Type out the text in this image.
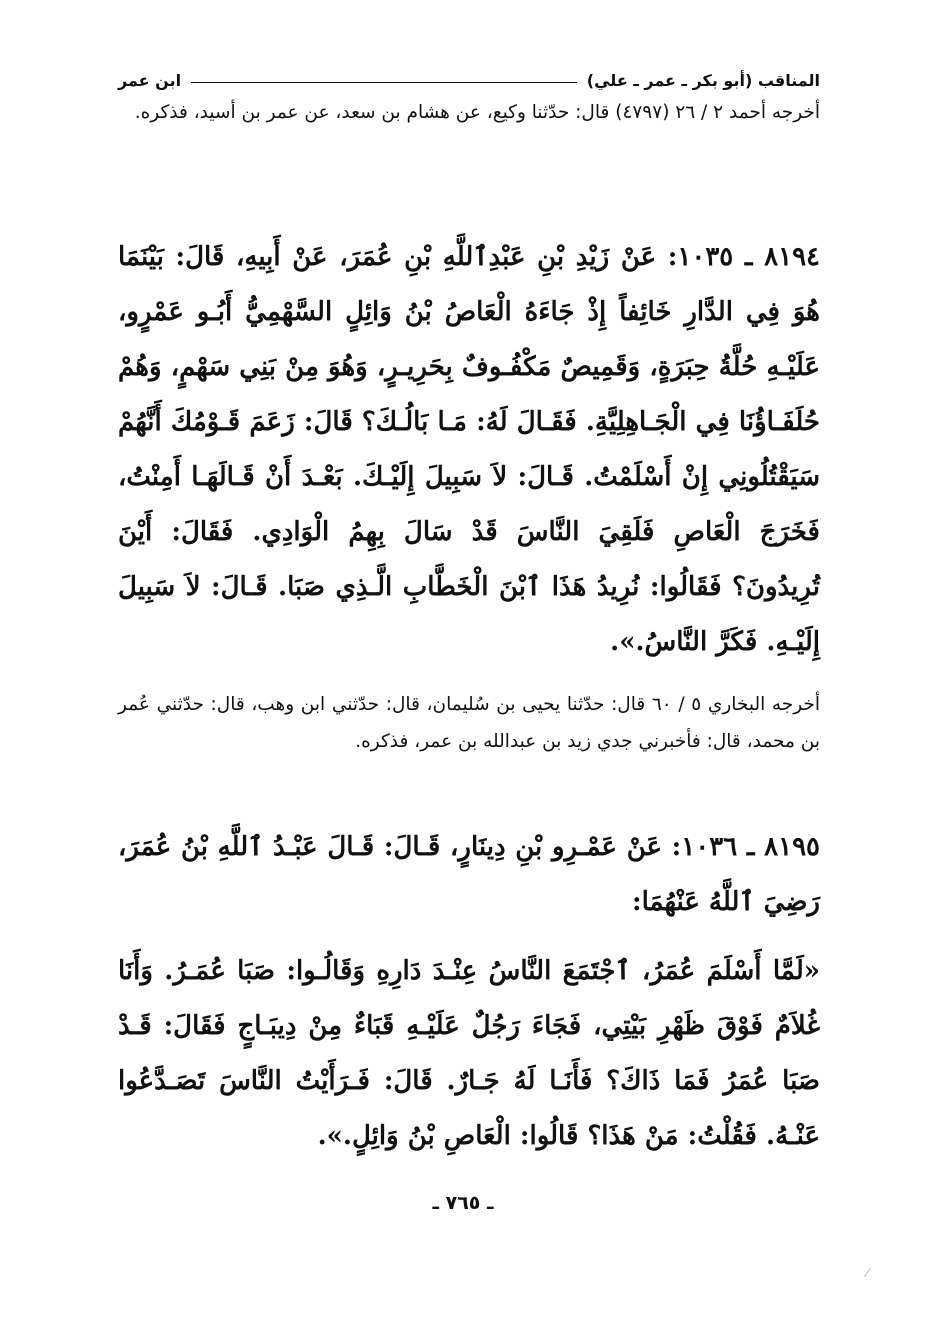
المناقب (أبو بكر ـ عمر ـ علي)
ابن عمر
أخرجه أحمد ٢ / ٢٦ (٤٧٩٧) قال: حدّثنا وكيع، عن هشام بن سعد، عن عمر بن أسيد، فذكره.
٨١٩٤ ـ ١٠٣٥: عَنْ زَيْدِ بْنِ عَبْدِٱللَّهِ بْنِ عُمَرَ، عَنْ أَبِيهِ، قَالَ: بَيْنَمَا هُوَ فِي الدَّارِ خَائِفاً إِذْ جَاءَهُ الْعَاصُ بْنُ وَائِلٍ السَّهْمِيُّ أَبُـو عَمْرٍو، عَلَيْـهِ حُلَّةُ حِبَرَةٍ، وَقَمِيصٌ مَكْفُـوفٌ بِحَرِيـرٍ، وَهُوَ مِنْ بَنِي سَهْمٍ، وَهُمْ حُلَفَـاؤُنَا فِي الْجَـاهِلِيَّةِ. فَقَـالَ لَهُ: مَـا بَالُـكَ؟ قَالَ: زَعَمَ قَـوْمُكَ أَنَّهُمْ سَيَقْتُلُونِي إِنْ أَسْلَمْتُ. قَـالَ: لاَ سَبِيلَ إِلَيْـكَ. بَعْـدَ أَنْ قَـالَهَـا أَمِنْتُ، فَخَرَجَ الْعَاصِ فَلَقِيَ النَّاسَ قَدْ سَالَ بِهِمُ الْوَادِي. فَقَالَ: أَيْنَ تُرِيدُونَ؟ فَقَالُوا: نُرِيدُ هَذَا ٱبْنَ الْخَطَّابِ الَّـذِي صَبَا. قَـالَ: لاَ سَبِيلَ إِلَيْـهِ. فَكَرَّ النَّاسُ.».
أخرجه البخاري ٥ / ٦٠ قال: حدّثنا يحيى بن سُليمان، قال: حدّثني ابن وهب، قال: حدّثني عُمر بن محمد، قال: فأخبرني جدي زيد بن عبدالله بن عمر، فذكره.
٨١٩٥ ـ ١٠٣٦: عَنْ عَمْـرِو بْنِ دِينَارٍ، قَـالَ: قَـالَ عَبْـدُ ٱللَّهِ بْنُ عُمَرَ، رَضِيَ ٱللَّهُ عَنْهُمَا:
«لَمَّا أَسْلَمَ عُمَرُ، ٱجْتَمَعَ النَّاسُ عِنْـدَ دَارِهِ وَقَالُـوا: صَبَا عُمَـرُ. وَأَنَا غُلاَمٌ فَوْقَ ظَهْرِ بَيْتِي، فَجَاءَ رَجُلٌ عَلَيْـهِ قَبَاءٌ مِنْ دِيبَـاجٍ فَقَالَ: قَـدْ صَبَا عُمَرُ فَمَا ذَاكَ؟ فَأَنَـا لَهُ جَـارٌ. قَالَ: فَـرَأَيْتُ النَّاسَ تَصَـدَّعُوا عَنْـهُ. فَقُلْتُ: مَنْ هَذَا؟ قَالُوا: الْعَاصِ بْنُ وَائِلٍ.».
ـ ٧٦٥ ـ
